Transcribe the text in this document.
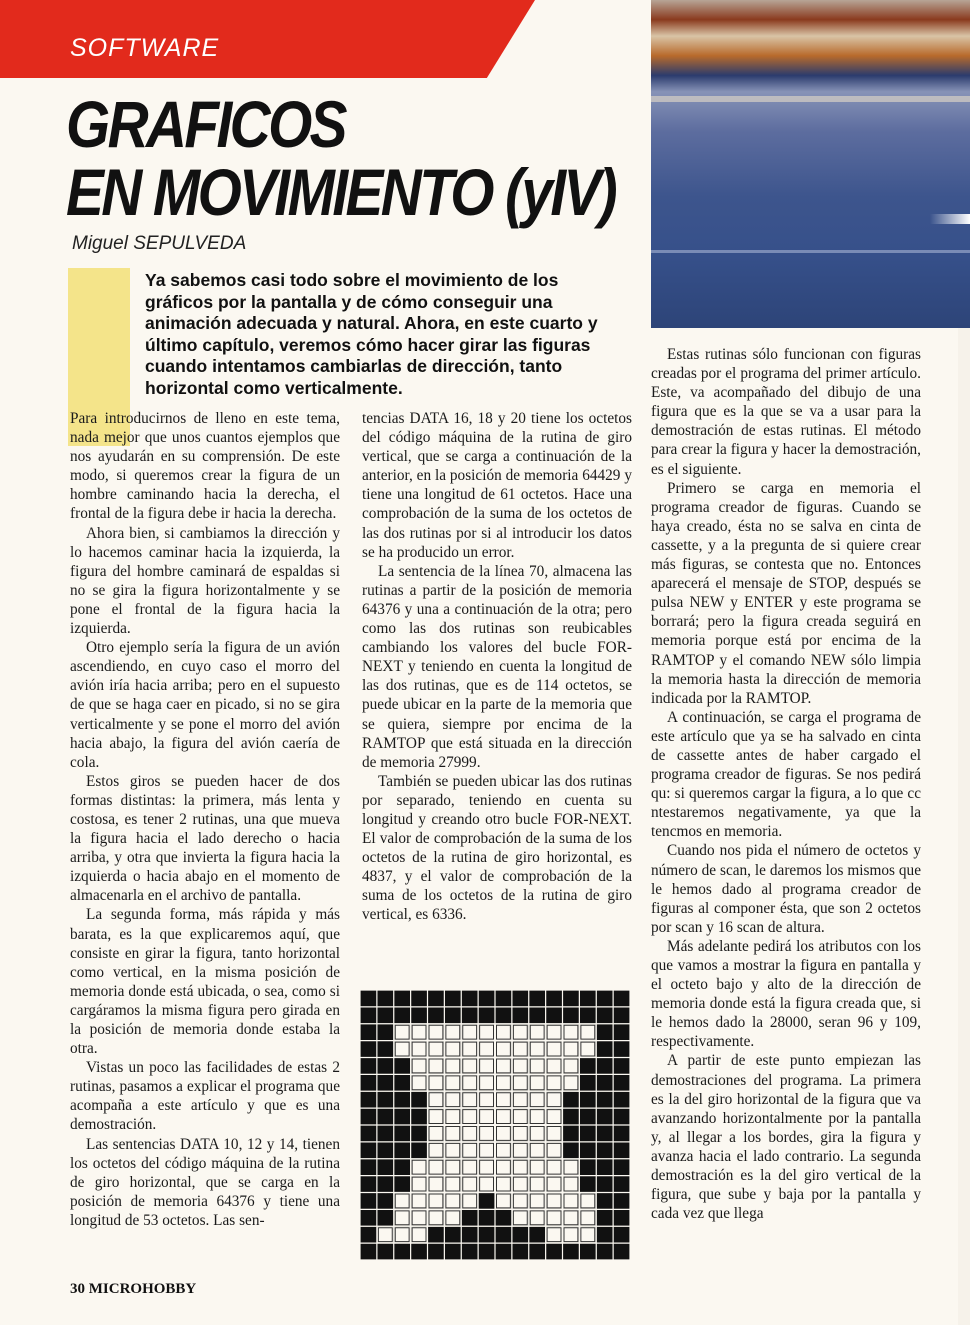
SOFTWARE
GRAFICOS
EN MOVIMIENTO (yIV)
Miguel SEPULVEDA

Ya sabemos casi todo sobre el movimiento de los gráficos por la pantalla y de cómo conseguir una animación adecuada y natural. Ahora, en este cuarto y último capítulo, veremos cómo hacer girar las figuras cuando intentamos cambiarlas de dirección, tanto horizontal como verticalmente.

Para introducirnos de lleno en este tema, nada mejor que unos cuantos ejemplos que nos ayudarán en su comprensión. De este modo, si queremos crear la figura de un hombre caminando hacia la derecha, el frontal de la figura debe ir hacia la derecha.

Ahora bien, si cambiamos la dirección y lo hacemos caminar hacia la izquierda, la figura del hombre caminará de espaldas si no se gira la figura horizontalmente y se pone el frontal de la figura hacia la izquierda.

Otro ejemplo sería la figura de un avión ascendiendo, en cuyo caso el morro del avión iría hacia arriba; pero en el supuesto de que se haga caer en picado, si no se gira verticalmente y se pone el morro del avión hacia abajo, la figura del avión caería de cola.

Estos giros se pueden hacer de dos formas distintas: la primera, más lenta y costosa, es tener 2 rutinas, una que mueva la figura hacia el lado derecho o hacia arriba, y otra que invierta la figura hacia la izquierda o hacia abajo en el momento de almacenarla en el archivo de pantalla.

La segunda forma, más rápida y más barata, es la que explicaremos aquí, que consiste en girar la figura, tanto horizontal como vertical, en la misma posición de memoria donde está ubicada, o sea, como si cargáramos la misma figura pero girada en la posición de memoria donde estaba la otra.

Vistas un poco las facilidades de estas 2 rutinas, pasamos a explicar el programa que acompaña a este artículo y que es una demostración.

Las sentencias DATA 10, 12 y 14, tienen los octetos del código máquina de la rutina de giro horizontal, que se carga en la posición de memoria 64376 y tiene una longitud de 53 octetos. Las sen-

tencias DATA 16, 18 y 20 tiene los octetos del código máquina de la rutina de giro vertical, que se carga a continuación de la anterior, en la posición de memoria 64429 y tiene una longitud de 61 octetos. Hace una comprobación de la suma de los octetos de las dos rutinas por si al introducir los datos se ha producido un error.

La sentencia de la línea 70, almacena las rutinas a partir de la posición de memoria 64376 y una a continuación de la otra; pero como las dos rutinas son reubicables cambiando los valores del bucle FOR-NEXT y teniendo en cuenta la longitud de las dos rutinas, que es de 114 octetos, se puede ubicar en la parte de la memoria que se quiera, siempre por encima de la RAMTOP que está situada en la dirección de memoria 27999.

También se pueden ubicar las dos rutinas por separado, teniendo en cuenta su longitud y creando otro bucle FOR-NEXT. El valor de comprobación de la suma de los octetos de la rutina de giro horizontal, es 4837, y el valor de comprobación de la suma de los octetos de la rutina de giro vertical, es 6336.

Estas rutinas sólo funcionan con figuras creadas por el programa del primer artículo. Este, va acompañado del dibujo de una figura que es la que se va a usar para la demostración de estas rutinas. El método para crear la figura y hacer la demostración, es el siguiente.

Primero se carga en memoria el programa creador de figuras. Cuando se haya creado, ésta no se salva en cinta de cassette, y a la pregunta de si quiere crear más figuras, se contesta que no. Entonces aparecerá el mensaje de STOP, después se pulsa NEW y ENTER y este programa se borrará; pero la figura creada seguirá en memoria porque está por encima de la RAMTOP y el comando NEW sólo limpia la memoria hasta la dirección de memoria indicada por la RAMTOP.

A continuación, se carga el programa de este artículo que ya se ha salvado en cinta de cassette antes de haber cargado el programa creador de figuras. Se nos pedirá qu: si queremos cargar la figura, a lo que cc ntestaremos negativamente, ya que la tencmos en memoria.

Cuando nos pida el número de octetos y número de scan, le daremos los mismos que le hemos dado al programa creador de figuras al componer ésta, que son 2 octetos por scan y 16 scan de altura.

Más adelante pedirá los atributos con los que vamos a mostrar la figura en pantalla y el octeto bajo y alto de la dirección de memoria donde está la figura creada que, si le hemos dado la 28000, seran 96 y 109, respectivamente.

A partir de este punto empiezan las demostraciones del programa. La primera es la del giro horizontal de la figura que va avanzando horizontalmente por la pantalla y, al llegar a los bordes, gira la figura y avanza hacia el lado contrario. La segunda demostración es la del giro vertical de la figura, que sube y baja por la pantalla y cada vez que llega

30 MICROHOBBY
